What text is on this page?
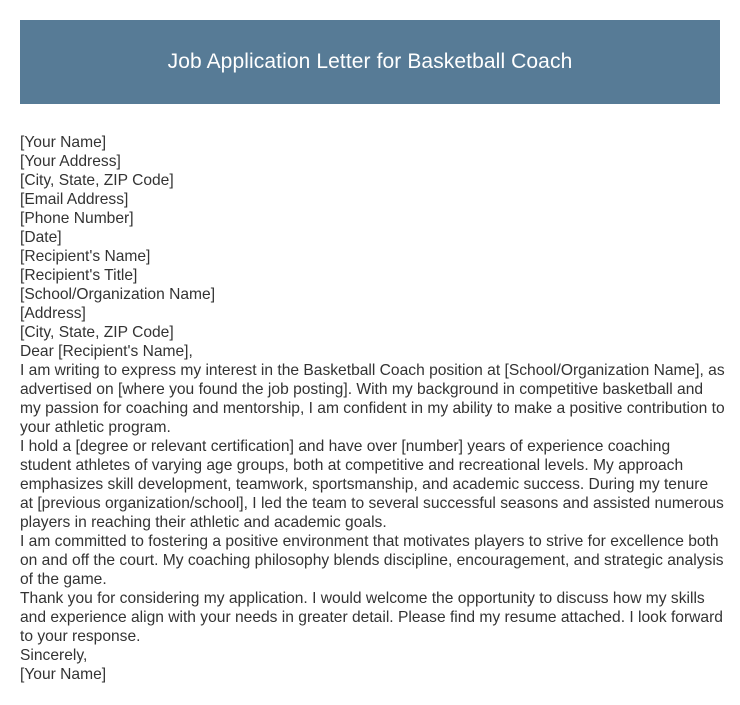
Job Application Letter for Basketball Coach
[Your Name]
[Your Address]
[City, State, ZIP Code]
[Email Address]
[Phone Number]
[Date]
[Recipient's Name]
[Recipient's Title]
[School/Organization Name]
[Address]
[City, State, ZIP Code]
Dear [Recipient's Name],
I am writing to express my interest in the Basketball Coach position at [School/Organization Name], as advertised on [where you found the job posting]. With my background in competitive basketball and my passion for coaching and mentorship, I am confident in my ability to make a positive contribution to your athletic program.
I hold a [degree or relevant certification] and have over [number] years of experience coaching student athletes of varying age groups, both at competitive and recreational levels. My approach emphasizes skill development, teamwork, sportsmanship, and academic success. During my tenure at [previous organization/school], I led the team to several successful seasons and assisted numerous players in reaching their athletic and academic goals.
I am committed to fostering a positive environment that motivates players to strive for excellence both on and off the court. My coaching philosophy blends discipline, encouragement, and strategic analysis of the game.
Thank you for considering my application. I would welcome the opportunity to discuss how my skills and experience align with your needs in greater detail. Please find my resume attached. I look forward to your response.
Sincerely,
[Your Name]
